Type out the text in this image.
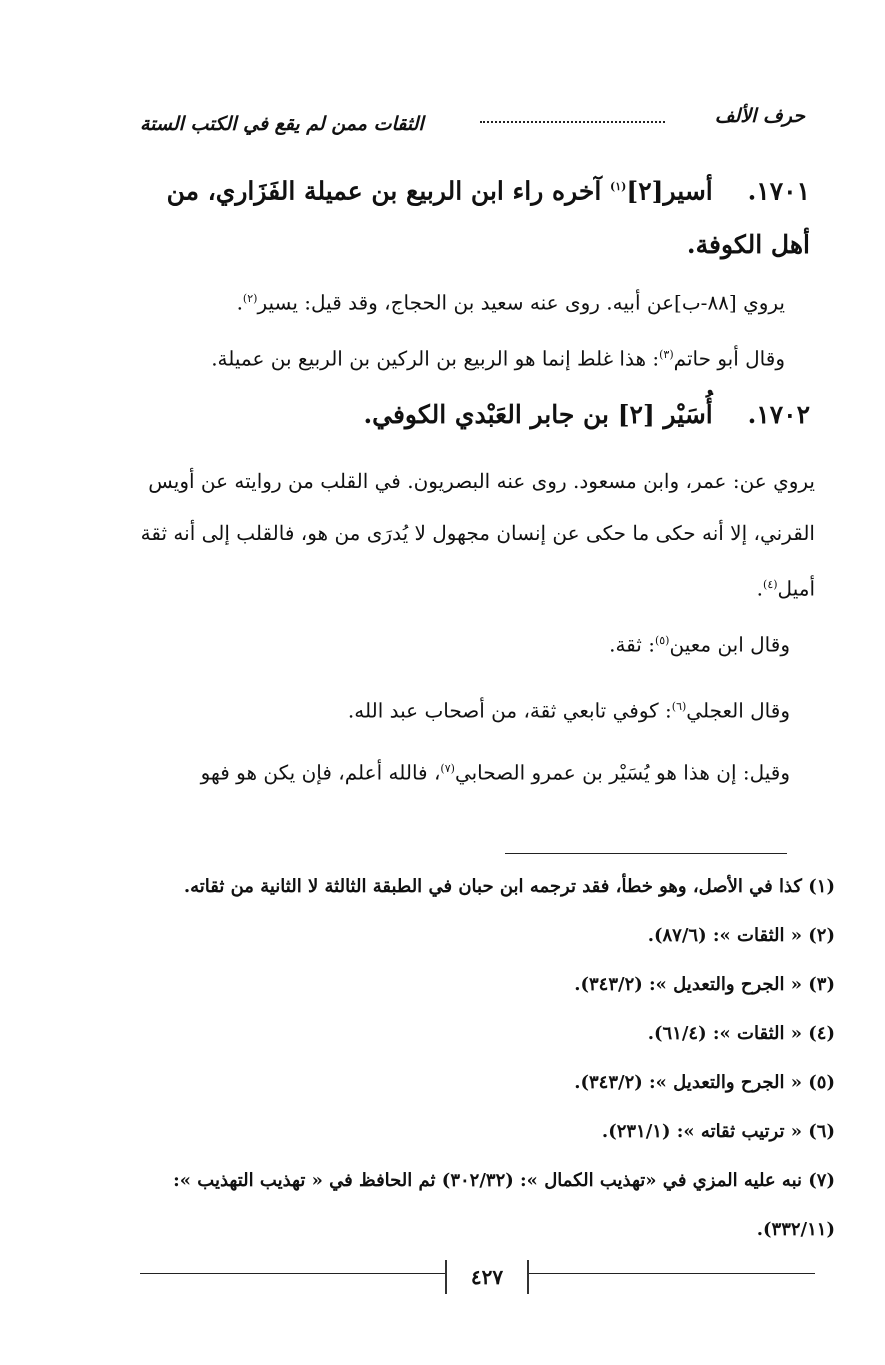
حرف الألف
الثقات ممن لم يقع في الكتب الستة
١٧٠١.    أسير[٢]$^{(١)}$ آخره راء ابن الربيع بن عميلة الفَزَاري، من أهل الكوفة.
يروي [٨٨-ب]عن أبيه. روى عنه سعيد بن الحجاج، وقد قيل: يسير$^{(٢)}$.
وقال أبو حاتم$^{(٣)}$: هذا غلط إنما هو الربيع بن الركين بن الربيع بن عميلة.
١٧٠٢.    أُسَيْر [٢] بن جابر العَبْدي الكوفي.
يروي عن: عمر، وابن مسعود. روى عنه البصريون. في القلب من روايته عن أويس القرني، إلا أنه حكى ما حكى عن إنسان مجهول لا يُدرَى من هو، فالقلب إلى أنه ثقة أميل$^{(٤)}$.
وقال ابن معين$^{(٥)}$: ثقة.
وقال العجلي$^{(٦)}$: كوفي تابعي ثقة، من أصحاب عبد الله.
وقيل: إن هذا هو يُسَيْر بن عمرو الصحابي$^{(٧)}$، فالله أعلم، فإن يكن هو فهو
(١) كذا في الأصل، وهو خطأ، فقد ترجمه ابن حبان في الطبقة الثالثة لا الثانية من ثقاته.
(٢) « الثقات »: (٨٧/٦).
(٣) « الجرح والتعديل »: (٣٤٣/٢).
(٤) « الثقات »: (٦١/٤).
(٥) « الجرح والتعديل »: (٣٤٣/٢).
(٦) « ترتيب ثقاته »: (٢٣١/١).
(٧) نبه عليه المزي في «تهذيب الكمال »: (٣٠٢/٣٢) ثم الحافظ في « تهذيب التهذيب »: (٣٣٢/١١).
٤٢٧
